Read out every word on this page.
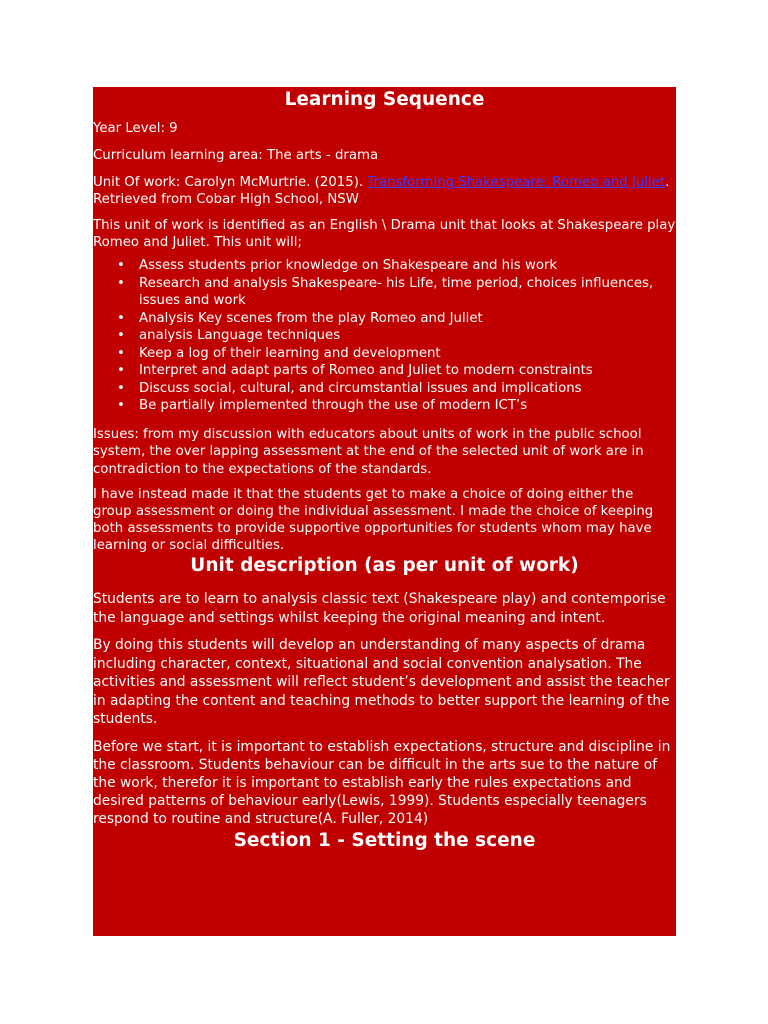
Learning Sequence

Year Level: 9

Curriculum learning area: The arts - drama

Unit Of work: Carolyn McMurtrie. (2015). Transforming Shakespeare: Romeo and Juliet. Retrieved from Cobar High School, NSW

This unit of work is identified as an English \ Drama unit that looks at Shakespeare play Romeo and Juliet. This unit will;

• Assess students prior knowledge on Shakespeare and his work
• Research and analysis Shakespeare- his Life, time period, choices influences, issues and work
• Analysis Key scenes from the play Romeo and Juliet
• analysis Language techniques
• Keep a log of their learning and development
• Interpret and adapt parts of Romeo and Juliet to modern constraints
• Discuss social, cultural, and circumstantial issues and implications
• Be partially implemented through the use of modern ICT’s

Issues: from my discussion with educators about units of work in the public school system, the over lapping assessment at the end of the selected unit of work are in contradiction to the expectations of the standards.

I have instead made it that the students get to make a choice of doing either the group assessment or doing the individual assessment. I made the choice of keeping both assessments to provide supportive opportunities for students whom may have learning or social difficulties.

Unit description (as per unit of work)

Students are to learn to analysis classic text (Shakespeare play) and contemporise the language and settings whilst keeping the original meaning and intent.

By doing this students will develop an understanding of many aspects of drama including character, context, situational and social convention analysation. The activities and assessment will reflect student’s development and assist the teacher in adapting the content and teaching methods to better support the learning of the students.

Before we start, it is important to establish expectations, structure and discipline in the classroom. Students behaviour can be difficult in the arts sue to the nature of the work, therefor it is important to establish early the rules expectations and desired patterns of behaviour early(Lewis, 1999). Students especially teenagers respond to routine and structure(A. Fuller, 2014)

Section 1 - Setting the scene
